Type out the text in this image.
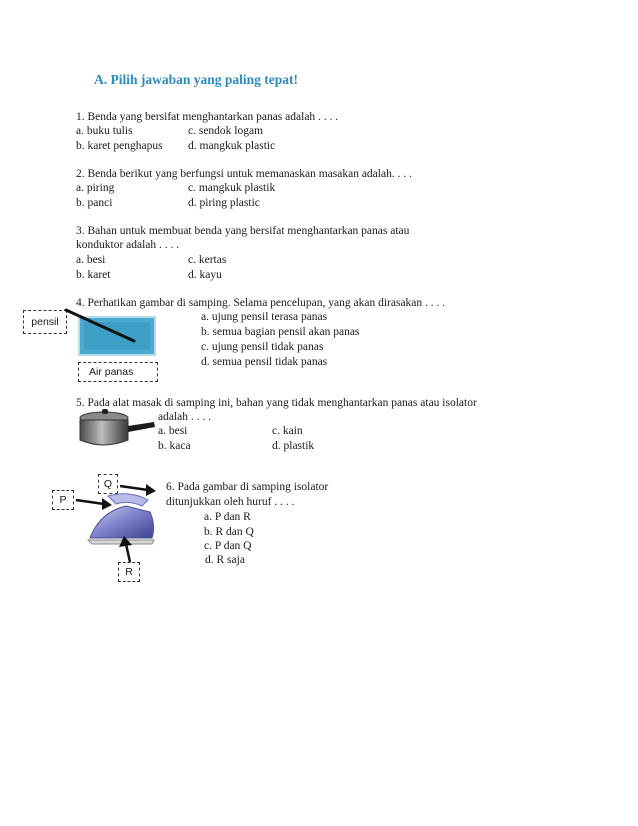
A. Pilih jawaban yang paling tepat!
1. Benda yang bersifat menghantarkan panas adalah . . . .
a. buku tulis	c. sendok logam
b. karet penghapus d. mangkuk plastic
2. Benda berikut yang berfungsi untuk memanaskan masakan adalah. . . .
a. piring	c. mangkuk plastik
b. panci	d. piring plastic
3. Bahan untuk membuat benda yang bersifat menghantarkan panas atau
konduktor adalah . . . .
a. besi	c. kertas
b. karet	d. kayu
4. Perhatikan gambar di samping. Selama pencelupan, yang akan dirasakan . . . .
pensil
Air panas
a. ujung pensil terasa panas
b. semua bagian pensil akan panas
c. ujung pensil tidak panas
d. semua pensil tidak panas
5. Pada alat masak di samping ini, bahan yang tidak menghantarkan panas atau isolator
adalah . . . .
a. besi	c. kain
b. kaca	d. plastik
Q
P
R
6. Pada gambar di samping isolator
ditunjukkan oleh huruf . . . .
a. P dan R
b. R dan Q
c. P dan Q
d. R saja
